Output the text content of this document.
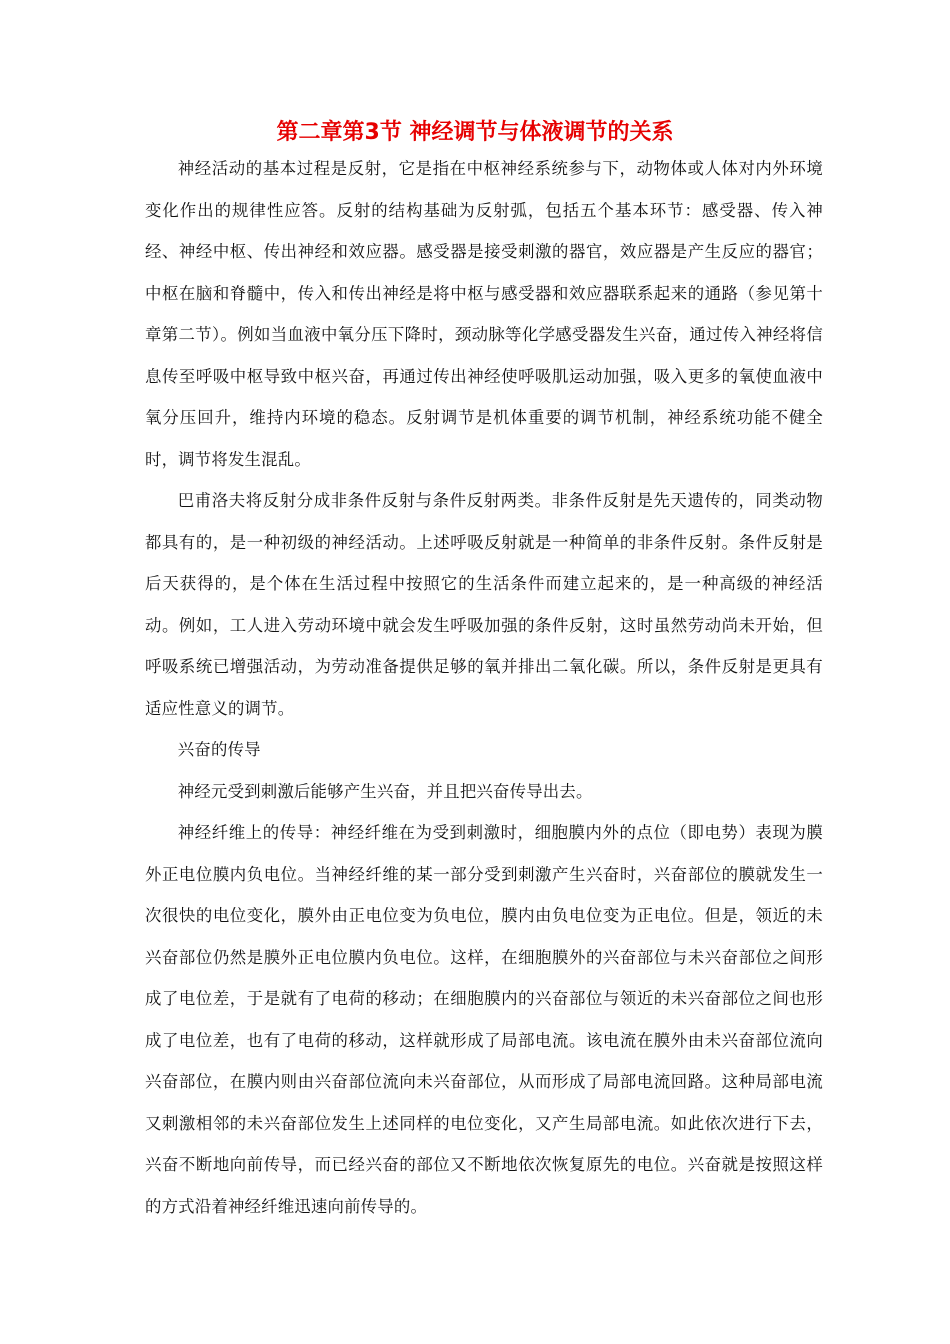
第二章第3节 神经调节与体液调节的关系

神经活动的基本过程是反射，它是指在中枢神经系统参与下，动物体或人体对内外环境变化作出的规律性应答。反射的结构基础为反射弧，包括五个基本环节：感受器、传入神经、神经中枢、传出神经和效应器。感受器是接受刺激的器官，效应器是产生反应的器官；中枢在脑和脊髓中，传入和传出神经是将中枢与感受器和效应器联系起来的通路（参见第十章第二节）。例如当血液中氧分压下降时，颈动脉等化学感受器发生兴奋，通过传入神经将信息传至呼吸中枢导致中枢兴奋，再通过传出神经使呼吸肌运动加强，吸入更多的氧使血液中氧分压回升，维持内环境的稳态。反射调节是机体重要的调节机制，神经系统功能不健全时，调节将发生混乱。

巴甫洛夫将反射分成非条件反射与条件反射两类。非条件反射是先天遗传的，同类动物都具有的，是一种初级的神经活动。上述呼吸反射就是一种简单的非条件反射。条件反射是后天获得的，是个体在生活过程中按照它的生活条件而建立起来的，是一种高级的神经活动。例如，工人进入劳动环境中就会发生呼吸加强的条件反射，这时虽然劳动尚未开始，但呼吸系统已增强活动，为劳动准备提供足够的氧并排出二氧化碳。所以，条件反射是更具有适应性意义的调节。

兴奋的传导

神经元受到刺激后能够产生兴奋，并且把兴奋传导出去。

神经纤维上的传导：神经纤维在为受到刺激时，细胞膜内外的点位（即电势）表现为膜外正电位膜内负电位。当神经纤维的某一部分受到刺激产生兴奋时，兴奋部位的膜就发生一次很快的电位变化，膜外由正电位变为负电位，膜内由负电位变为正电位。但是，领近的未兴奋部位仍然是膜外正电位膜内负电位。这样，在细胞膜外的兴奋部位与未兴奋部位之间形成了电位差，于是就有了电荷的移动；在细胞膜内的兴奋部位与领近的未兴奋部位之间也形成了电位差，也有了电荷的移动，这样就形成了局部电流。该电流在膜外由未兴奋部位流向兴奋部位，在膜内则由兴奋部位流向未兴奋部位，从而形成了局部电流回路。这种局部电流又刺激相邻的未兴奋部位发生上述同样的电位变化，又产生局部电流。如此依次进行下去，兴奋不断地向前传导，而已经兴奋的部位又不断地依次恢复原先的电位。兴奋就是按照这样的方式沿着神经纤维迅速向前传导的。
